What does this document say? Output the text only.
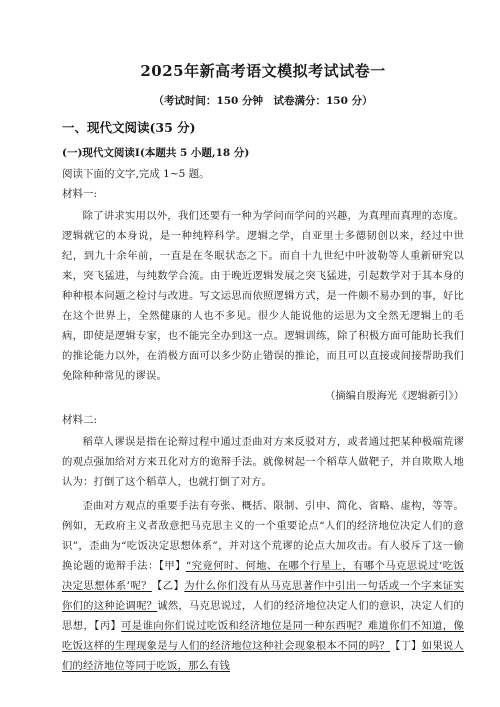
2025年新高考语文模拟考试试卷一
（考试时间：150 分钟　试卷满分：150 分）
一、现代文阅读(35 分)
(一)现代文阅读Ⅰ(本题共 5 小题,18 分)
阅读下面的文字,完成 1~5 题。
材料一:

除了讲求实用以外，我们还要有一种为学问而学问的兴趣，为真理而真理的态度。逻辑就它的本身说，是一种纯粹科学。逻辑之学，自亚里士多德韧创以来，经过中世纪，到九十余年前，一直是在冬眠状态之下。而自十九世纪中叶波勒等人重新研究以来，突飞猛进，与纯数学合流。由于晚近逻辑发展之突飞猛进，引起数学对于其本身的种种根本问题之检讨与改进。写文运思而依照逻辑方式，是一件颇不易办到的事，好比在这个世界上，全然健康的人也不多见。很少人能说他的运思为文全然无逻辑上的毛病，即使是逻辑专家，也不能完全办到这一点。逻辑训练，除了积极方面可能助长我们的推论能力以外，在消极方面可以多少防止错误的推论，而且可以直接或间接帮助我们免除种种常见的谬误。

（摘编自殷海光《逻辑新引》）
材料二:

稻草人谬误是指在论辩过程中通过歪曲对方来反驳对方，或者通过把某种极端荒谬的观点强加给对方来丑化对方的诡辩手法。就像树起一个稻草人做靶子，并自欺欺人地认为：打倒了这个稻草人，也就打倒了对方。

歪曲对方观点的重要手法有夸张、概括、限制、引申、简化、省略、虚构，等等。例如，无政府主义者敌意把马克思主义的一个重要论点“人们的经济地位决定人们的意识”，歪曲为“吃饭决定思想体系”，并对这个荒谬的论点大加攻击。有人驳斥了这一偷换论题的诡辩手法：【甲】“究竟何时、何地、在哪个行星上，有哪个马克思说过‘吃饭决定思想体系’呢？【乙】为什么你们没有从马克思著作中引出一句话或一个字来证实你们的这种论调呢？诚然，马克思说过，人们的经济地位决定人们的意识，决定人们的思想，【丙】可是谁向你们说过吃饭和经济地位是同一种东西呢？难道你们不知道，像吃饭这样的生理现象是与人们的经济地位这种社会现象根本不同的吗？【丁】如果说人们的经济地位等同于吃饭，那么有钱
